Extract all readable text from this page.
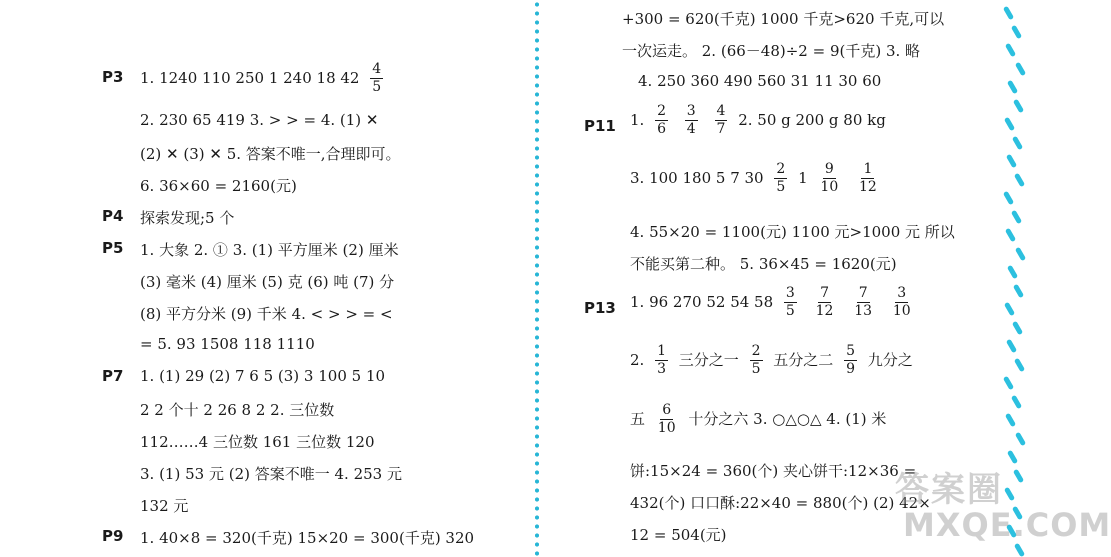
P3 1. 1240 110 250 1 240 18 $42 \frac{4}{5}$
2. 230 65 419 3. > > = 4. (1) ✕
(2) ✕ (3) ✕ 5. 答案不唯一,合理即可。
6. 36×60 = 2160(元)
P4 探索发现;5 个
P5 1. 大象 2. ① 3. (1) 平方厘米 (2) 厘米
(3) 毫米 (4) 厘米 (5) 克 (6) 吨 (7) 分
(8) 平方分米 (9) 千米 4. < > > = <
= 5. 93 1508 118 1110
P7 1. (1) 29 (2) 7 6 5 (3) 3 100 5 10
2 2 个十 2 26 8 2 2. 三位数
112……4 三位数 161 三位数 120
3. (1) 53 元 (2) 答案不唯一 4. 253 元
132 元
P9 1. 40×8 = 320(千克) 15×20 = 300(千克) 320
+300 = 620(千克) 1000 千克>620 千克,可以
一次运走。 2. (66－48)÷2 = 9(千克) 3. 略
4. 250 360 490 560 31 11 30 60
P11 1. $\frac{2}{6}$
$\frac{3}{4}$
$\frac{4}{7} 2$. 50 g 200 g 80 kg
3. 100 180 5 7 $30 \frac{2}{5} 1 \frac{9}{10}$
$\frac{1}{12}$
4. 55×20 = 1100(元) 1100 元>1000 元 所以
不能买第二种。 5. 36×45 = 1620(元)
P13 1. 96 270 52 54 $58 \frac{3}{5}$
$\frac{7}{12}$
$\frac{7}{13}$
$\frac{3}{10}$
2. $\frac{1}{3}$ 三分之一 $\frac{2}{5}$ 五分之二 $\frac{5}{9}$ 九分之
五 $\frac{6}{10}$ 十分之六 3. ○△○△ 4. (1) 米
饼:15×24 = 360(个) 夹心饼干:12×36 =
432(个) 口口酥:22×40 = 880(个) (2) 42×
12 = 504(元)
答案圈
MXQE.COM
